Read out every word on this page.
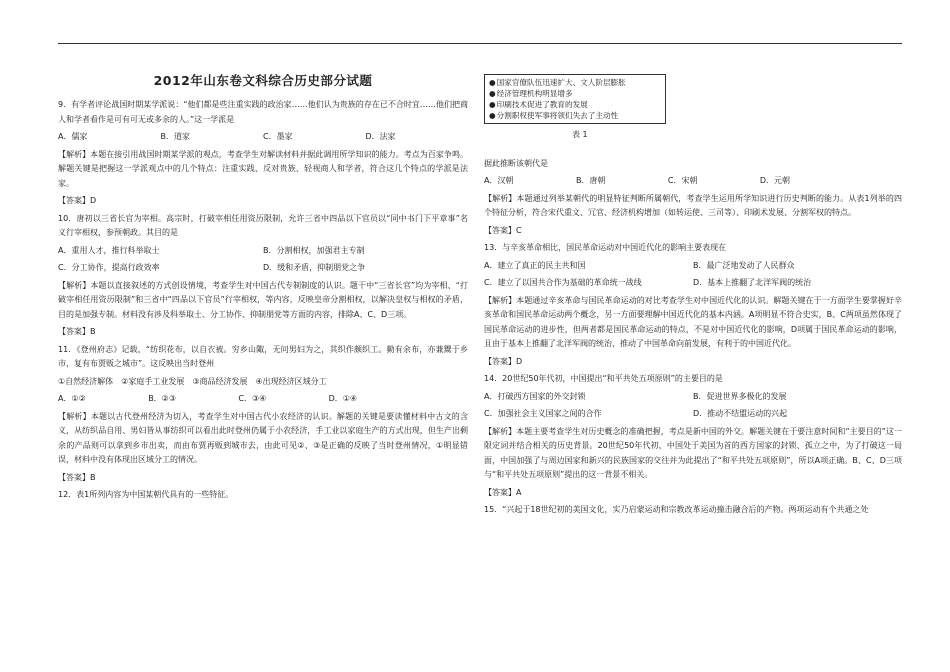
2012年山东卷文科综合历史部分试题

9．有学者评论战国时期某学派说：“他们都是些注重实践的政治家……他们认为贵族的存在已不合时宜……他们把商人和学者看作是可有可无或多余的人。”这一学派是

A．儒家	B．道家	C．墨家	D．法家

【解析】本题在接引用战国时期某学派的观点，考查学生对解读材料并据此调用所学知识的能力。考点为百家争鸣。解题关键是把握这一学派观点中的几个特点：注重实践、反对贵族、轻视商人和学者，符合这几个特点的学派是法家。

【答案】D

10．唐初以三省长官为宰相。高宗时，打破宰相任用资历限制，允许三省中四品以下官员以“同中书门下平章事”名义行宰相权，参预朝政。其目的是

A．重用人才，推行科举取士	B．分割相权，加强君主专制
C．分工协作，提高行政效率	D．缓和矛盾，抑制朋党之争

【解析】本题以直接叙述的方式创设情境，考查学生对中国古代专制制度的认识。题干中“三省长官”均为宰相、“打破宰相任用资历限制”和三省中“四品以下官员”行宰相权，等内容，反映皇帝分割相权，以解决皇权与相权的矛盾，目的是加强专制。材料没有涉及科举取士、分工协作、抑制朋党等方面的内容，排除A、C、D三项。

【答案】B

11．《登州府志》记载，“纺织花布，以自衣被。穷乡山陬，无问男妇为之，其织作颇织工。勤有余布，亦兼鬻于乡市，复有布贾贩之城市”。这反映出当时登州

①自然经济解体　②家庭手工业发展　③商品经济发展　④出现经济区域分工
A．①②	B．②③	C．③④	D．①④

【解析】本题以古代登州经济为切入，考查学生对中国古代小农经济的认识。解题的关键是要读懂材料中古文的含义，从纺织品自用、男妇皆从事纺织可以看出此时登州仍属于小农经济，手工业以家庭生产的方式出现，但生产出剩余的产品则可以拿到乡市出卖，而由布贾再贩到城市去，由此可见②、③是正确的反映了当时登州情况，①明显错误，材料中没有体现出区域分工的情况。

【答案】B

12．表1所列内容为中国某朝代具有的一些特征。

● 国家官僚队伍迅速扩大、文人阶层膨胀
● 经济管理机构明显增多
● 印刷技术促进了教育的发展
● 分割职权使军事将领们失去了主动性
表 1

据此推断该朝代是

A．汉朝	B．唐朝	C．宋朝	D．元朝

【解析】本题通过列举某朝代的明显特征判断所属朝代，考查学生运用所学知识进行历史判断的能力。从表1列举的四个特征分析，符合宋代重文、冗官、经济机构增加（如转运使、三司等）、印刷术发展、分割军权的特点。

【答案】C

13．与辛亥革命相比，国民革命运动对中国近代化的影响主要表现在

A．建立了真正的民主共和国	B．最广泛地发动了人民群众
C．建立了以国共合作为基础的革命统一战线	D．基本上推翻了北洋军阀的统治

【解析】本题通过辛亥革命与国民革命运动的对比考查学生对中国近代化的认识。解题关键在于一方面学生要掌握好辛亥革命和国民革命运动两个概念，另一方面要理解中国近代化的基本内涵。A项明显不符合史实，B、C两项虽然体现了国民革命运动的进步性，但两者都是国民革命运动的特点，不是对中国近代化的影响，D项属于国民革命运动的影响，且由于基本上推翻了北洋军阀的统治，推动了中国革命向前发展，有利于的中国近代化。

【答案】D

14．20世纪50年代初，中国提出“和平共处五项原则”的主要目的是

A．打破西方国家的外交封锁	B．促进世界多极化的发展
C．加强社会主义国家之间的合作	D．推动不结盟运动的兴起

【解析】本题主要考查学生对历史概念的准确把握，考点是新中国的外交。解题关键在于要注意时间和“主要目的”这一限定词并结合相关的历史背景。20世纪50年代初，中国处于美国为首的西方国家的封锁、孤立之中，为了打破这一局面，中国加强了与周边国家和新兴的民族国家的交往并为此提出了“和平共处五项原则”，所以A项正确。B、C、D三项与“和平共处五项原则”提出的这一背景不相关。

【答案】A

15．“兴起于18世纪初的美国文化，实乃启蒙运动和宗教改革运动撞击融合后的产物。两项运动有个共通之处
